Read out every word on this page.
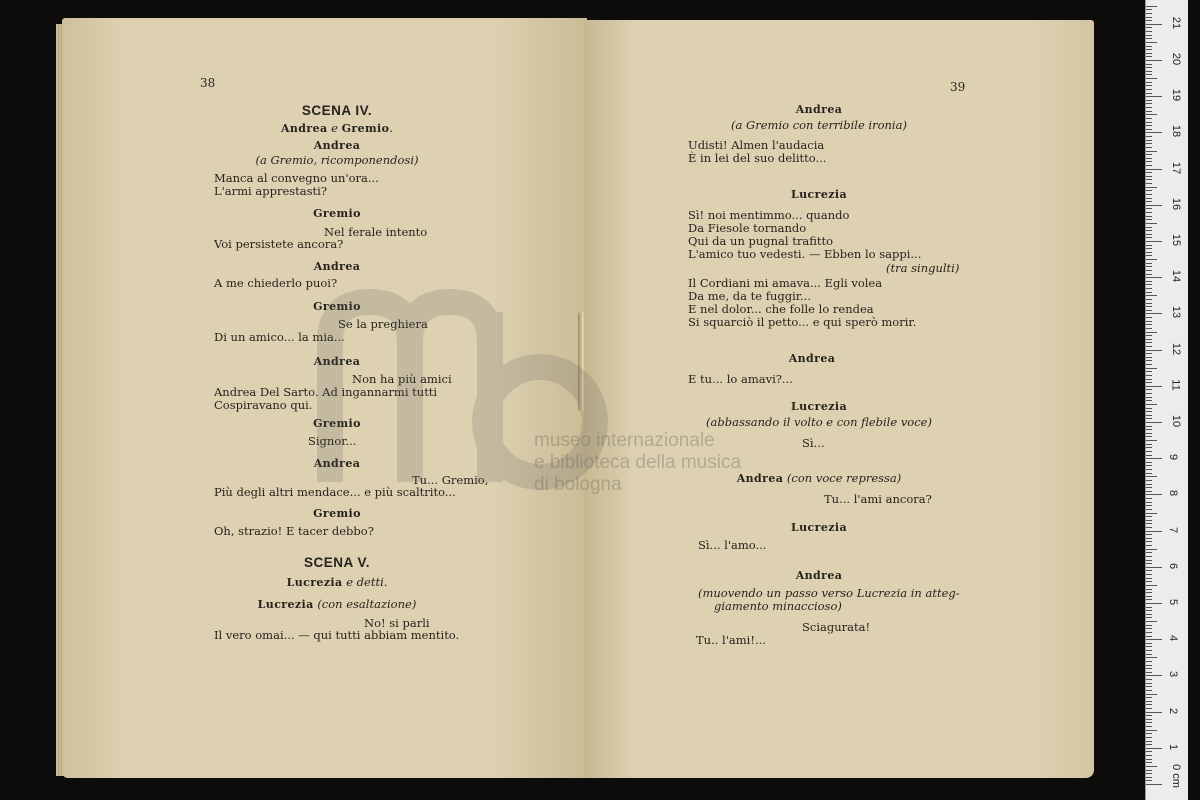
38
SCENA IV.
Andrea e Gremio.
Andrea
(a Gremio, ricomponendosi)
Manca al convegno un'ora...
L'armi apprestasti?
Gremio
Nel ferale intento
Voi persistete ancora?
Andrea
A me chiederlo puoi?
Gremio
Se la preghiera
Di un amico... la mia...
Andrea
Non ha più amici
Andrea Del Sarto. Ad ingannarmi tutti
Cospiravano qui.
Gremio
Signor...
Andrea
Tu... Gremio,
Più degli altri mendace... e più scaltrito...
Gremio
Oh, strazio! E tacer debbo?
SCENA V.
Lucrezia e detti.
Lucrezia (con esaltazione)
No! si parli
Il vero omai... — qui tutti abbiam mentito.
39
Andrea
(a Gremio con terribile ironia)
Udisti! Almen l'audacia
È in lei del suo delitto...
Lucrezia
Sì! noi mentimmo... quando
Da Fiesole tornando
Qui da un pugnal trafitto
L'amico tuo vedesti. — Ebben lo sappi...
(tra singulti)
Il Cordiani mi amava... Egli volea
Da me, da te fuggir...
E nel dolor... che folle lo rendea
Si squarciò il petto... e qui sperò morir.
Andrea
E tu... lo amavi?...
Lucrezia
(abbassando il volto e con flebile voce)
Sì...
Andrea (con voce repressa)
Tu... l'ami ancora?
Lucrezia
Sì... l'amo...
Andrea
(muovendo un passo verso Lucrezia in atteg-
giamento minaccioso)
Sciagurata!
Tu.. l'ami!...
museo internazionale
e biblioteca della musica
di bologna
0 cm
1
2
3
4
5
6
7
8
9
10
11
12
13
14
15
16
17
18
19
20
21
